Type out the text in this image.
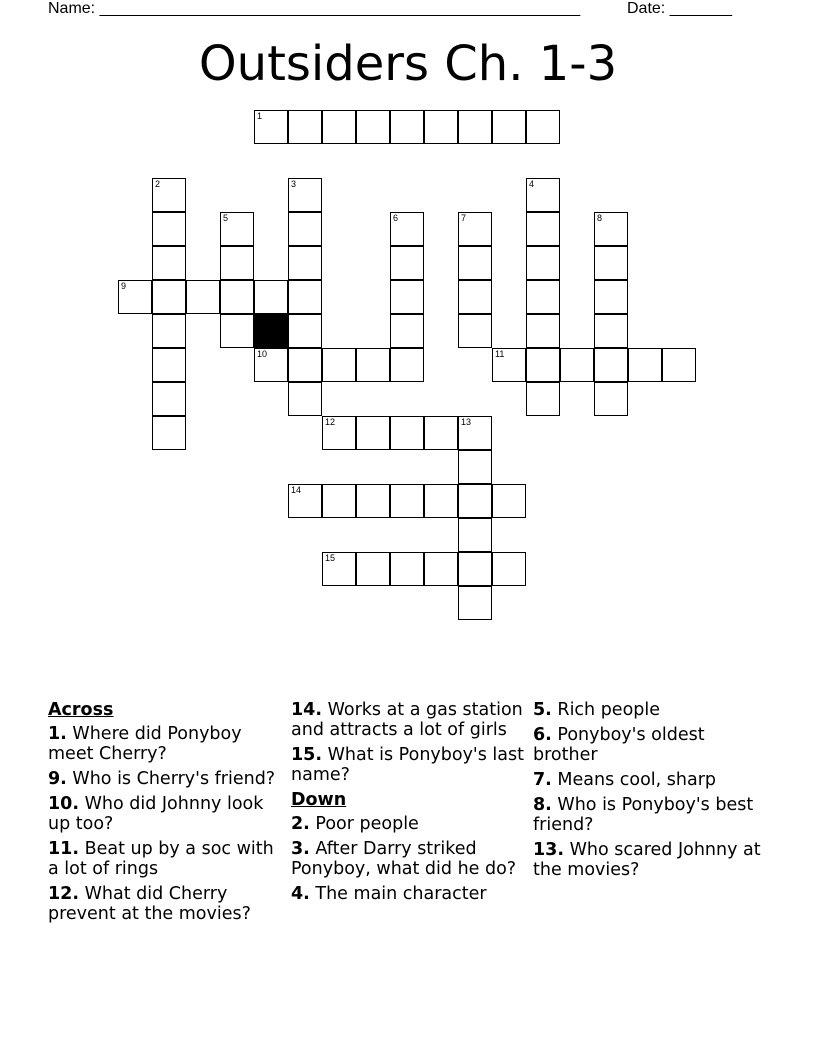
Name: ______________________________________________________	Date: _______
Outsiders Ch. 1-3
1
9
10	11
12	13
14
15
2	3	4
5	6	7	8
Across
1. Where did Ponyboy meet Cherry?
9. Who is Cherry's friend?
10. Who did Johnny look up too?
11. Beat up by a soc with a lot of rings
12. What did Cherry prevent at the movies?
14. Works at a gas station and attracts a lot of girls
15. What is Ponyboy's last name?
Down
2. Poor people
3. After Darry striked Ponyboy, what did he do?
4. The main character
5. Rich people
6. Ponyboy's oldest brother
7. Means cool, sharp
8. Who is Ponyboy's best friend?
13. Who scared Johnny at the movies?
